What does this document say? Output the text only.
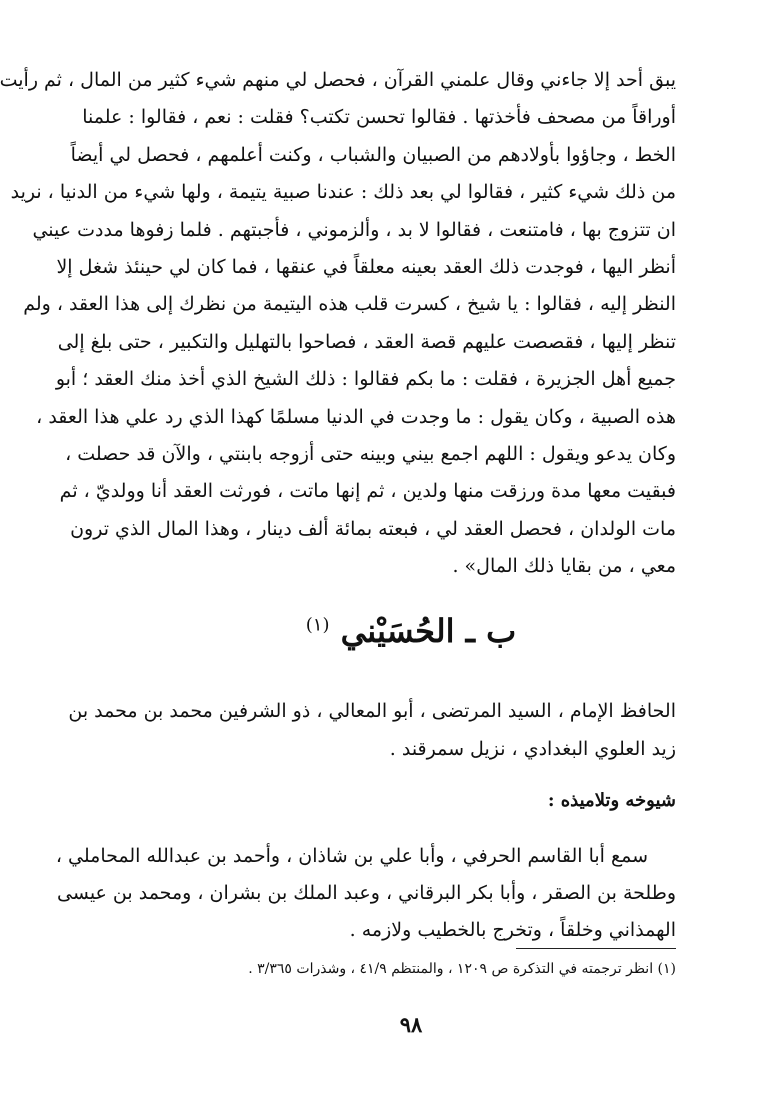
يبق أحد إلا جاءني وقال علمني القرآن ، فحصل لي منهم شيء كثير من المال ، ثم رأيت
أوراقاً من مصحف فأخذتها . فقالوا تحسن تكتب؟ فقلت : نعم ، فقالوا : علمنا
الخط ، وجاؤوا بأولادهم من الصبيان والشباب ، وكنت أعلمهم ، فحصل لي أيضاً
من ذلك شيء كثير ، فقالوا لي بعد ذلك : عندنا صبية يتيمة ، ولها شيء من الدنيا ، نريد
ان تتزوج بها ، فامتنعت ، فقالوا لا بد ، وألزموني ، فأجبتهم . فلما زفوها مددت عيني
أنظر اليها ، فوجدت ذلك العقد بعينه معلقاً في عنقها ، فما كان لي حينئذ شغل إلا
النظر إليه ، فقالوا : يا شيخ ، كسرت قلب هذه اليتيمة من نظرك إلى هذا العقد ، ولم
تنظر إليها ، فقصصت عليهم قصة العقد ، فصاحوا بالتهليل والتكبير ، حتى بلغ إلى
جميع أهل الجزيرة ، فقلت : ما بكم فقالوا : ذلك الشيخ الذي أخذ منك العقد ؛ أبو
هذه الصبية ، وكان يقول : ما وجدت في الدنيا مسلمًا كهذا الذي رد علي هذا العقد ،
وكان يدعو ويقول : اللهم اجمع بيني وبينه حتى أزوجه بابنتي ، والآن قد حصلت ،
فبقيت معها مدة ورزقت منها ولدين ، ثم إنها ماتت ، فورثت العقد أنا وولديّ ، ثم
مات الولدان ، فحصل العقد لي ، فبعته بمائة ألف دينار ، وهذا المال الذي ترون
معي ، من بقايا ذلك المال» .
ب ـ الحُسَيْني $^{(١)}$
الحافظ الإمام ، السيد المرتضى ، أبو المعالي ، ذو الشرفين محمد بن محمد بن
زيد العلوي البغدادي ، نزيل سمرقند .
شيوخه وتلاميذه :
سمع أبا القاسم الحرفي ، وأبا علي بن شاذان ، وأحمد بن عبدالله المحاملي ،
وطلحة بن الصقر ، وأبا بكر البرقاني ، وعبد الملك بن بشران ، ومحمد بن عيسى
الهمذاني وخلقاً ، وتخرج بالخطيب ولازمه .

(١) انظر ترجمته في التذكرة ص ١٢٠٩ ، والمنتظم ٤١/٩ ، وشذرات ٣/٣٦٥ .

٩٨
